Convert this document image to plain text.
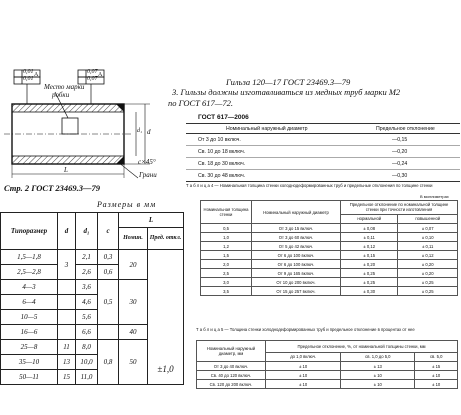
0,01
0,01
A	0,07
0,07
A
Место марки
робки
d
d₁
c×45°
L
Грани
Стр. 2 ГОСТ 23469.3—79
Размеры в мм
Типоразмер	d	d₁	c	L	
				Номин.	Пред. откл.
1,5—1,8	3	2,1	0,3	20	±1,0
2,5—2,8		2,6	0,6		
4—3		3,6	0,5	30	
6—4		4,6			
10—5		5,6			
16—6		6,6		40	
25—8	11	8,0	0,8	50	
35—10	13	10,0			
50—11	15	11,0			
Гильза 120—17 ГОСТ 23469.3—79
3. Гильзы должны изготавливаться из медных труб марки М2
по ГОСТ 617—72.
ГОСТ 617—2006
Номинальный наружный диаметр	Предельное отклонение
От 3 до 10 включ.	—0,15
Св. 10 до 18 включ.	—0,20
Св. 18 до 30 включ.	—0,24
Св. 30 до 48 включ.	—0,30
Т а б л и ц а 4 — Номинальная толщина стенки холоднодеформированных труб и предельные отклонения по толщине стенки
В миллиметрах
Номинальная толщина стенки	Номинальный наружный диаметр	Предельное отклонение по номинальной толщине стенки при точности изготовления	
		нормальной	повышенной
0,5	От 3 до 15 включ.	± 0,08	± 0,07
1,0	От 3 до 60 включ.	± 0,11	± 0,10
1,2	От 5 до 42 включ.	± 0,12	± 0,11
1,5	От 6 до 100 включ.	± 0,15	± 0,12
2,0	От 6 до 100 включ.	± 0,20	± 0,20
2,5	От 9 до 165 включ.	± 0,25	± 0,20
3,0	От 10 до 200 включ.	± 0,25	± 0,25
3,5	От 15 до 257 включ.	± 0,30	± 0,25
Т а б л и ц а 5 — Толщина стенки холоднодеформированных труб и предельное отклонение в процентах от нее
Номинальный наружный диаметр, мм	Предельное отклонение, %, от номинальной толщины стенки, мм		
	до 1,0 включ.	св. 1,0 до 5,0	св. 5,0
От 3 до 40 включ.	± 10	± 13	± 15
Св. 40 до 120 включ.	± 10	± 10	± 10
Св. 120 до 200 включ.	± 10	± 10	± 10
